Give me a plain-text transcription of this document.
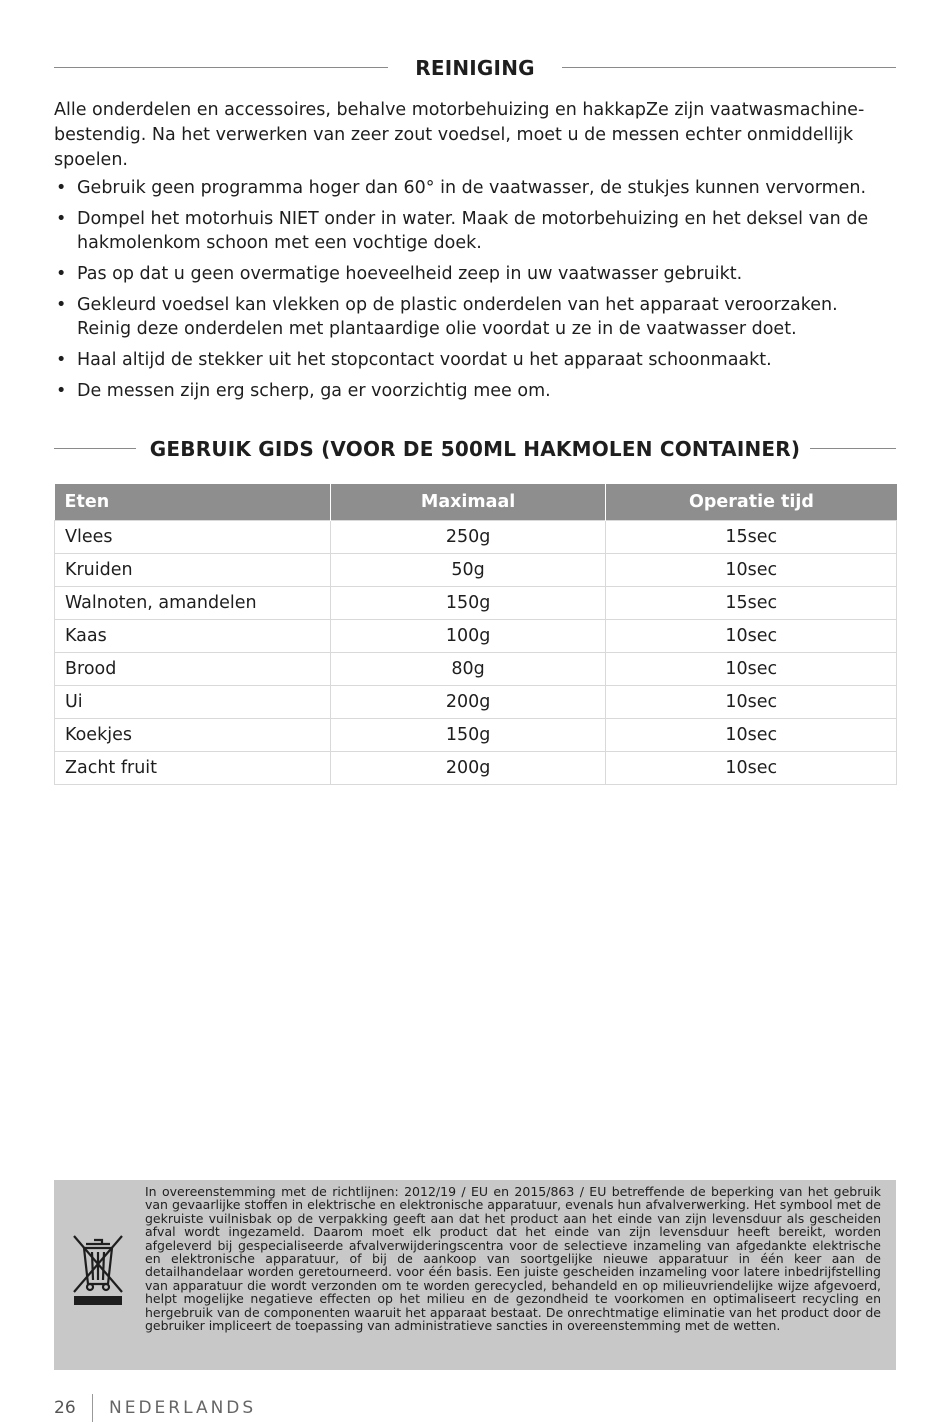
REINIGING

Alle onderdelen en accessoires, behalve motorbehuizing en hakkapZe zijn vaatwasmachine-bestendig. Na het verwerken van zeer zout voedsel, moet u de messen echter onmiddellijk spoelen.

• Gebruik geen programma hoger dan 60° in de vaatwasser, de stukjes kunnen vervormen.
• Dompel het motorhuis NIET onder in water. Maak de motorbehuizing en het deksel van de hakmolenkom schoon met een vochtige doek.
• Pas op dat u geen overmatige hoeveelheid zeep in uw vaatwasser gebruikt.
• Gekleurd voedsel kan vlekken op de plastic onderdelen van het apparaat veroorzaken. Reinig deze onderdelen met plantaardige olie voordat u ze in de vaatwasser doet.
• Haal altijd de stekker uit het stopcontact voordat u het apparaat schoonmaakt.
• De messen zijn erg scherp, ga er voorzichtig mee om.
GEBRUIK GIDS (VOOR DE 500ML HAKMOLEN CONTAINER)
Eten	Maximaal	Operatie tijd
Vlees	250g	15sec
Kruiden	50g	10sec
Walnoten, amandelen	150g	15sec
Kaas	100g	10sec
Brood	80g	10sec
Ui	200g	10sec
Koekjes	150g	10sec
Zacht fruit	200g	10sec

In overeenstemming met de richtlijnen: 2012/19 / EU en 2015/863 / EU betreffende de beperking van het gebruik van gevaarlijke stoffen in elektrische en elektronische apparatuur, evenals hun afvalverwerking. Het symbool met de gekruiste vuilnisbak op de verpakking geeft aan dat het product aan het einde van zijn levensduur als gescheiden afval wordt ingezameld. Daarom moet elk product dat het einde van zijn levensduur heeft bereikt, worden afgeleverd bij gespecialiseerde afvalverwijderingscentra voor de selectieve inzameling van afgedankte elektrische en elektronische apparatuur, of bij de aankoop van soortgelijke nieuwe apparatuur in één keer aan de detailhandelaar worden geretourneerd. voor één basis. Een juiste gescheiden inzameling voor latere inbedrijfstelling van apparatuur die wordt verzonden om te worden gerecycled, behandeld en op milieuvriendelijke wijze afgevoerd, helpt mogelijke negatieve effecten op het milieu en de gezondheid te voorkomen en optimaliseert recycling en hergebruik van de componenten waaruit het apparaat bestaat. De onrechtmatige eliminatie van het product door de gebruiker impliceert de toepassing van administratieve sancties in overeenstemming met de wetten.

26 NEDERLANDS
